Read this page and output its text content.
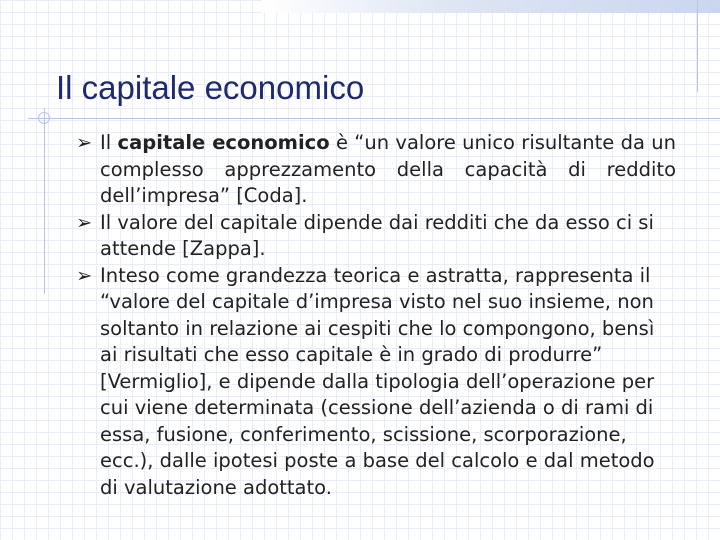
Il capitale economico
➢ Il capitale economico è “un valore unico risultante da un complesso apprezzamento della capacità di reddito dell’impresa” [Coda].
➢ Il valore del capitale dipende dai redditi che da esso ci si attende [Zappa].
➢ Inteso come grandezza teorica e astratta, rappresenta il “valore del capitale d’impresa visto nel suo insieme, non soltanto in relazione ai cespiti che lo compongono, bensì ai risultati che esso capitale è in grado di produrre” [Vermiglio], e dipende dalla tipologia dell’operazione per cui viene determinata (cessione dell’azienda o di rami di essa, fusione, conferimento, scissione, scorporazione, ecc.), dalle ipotesi poste a base del calcolo e dal metodo di valutazione adottato.
